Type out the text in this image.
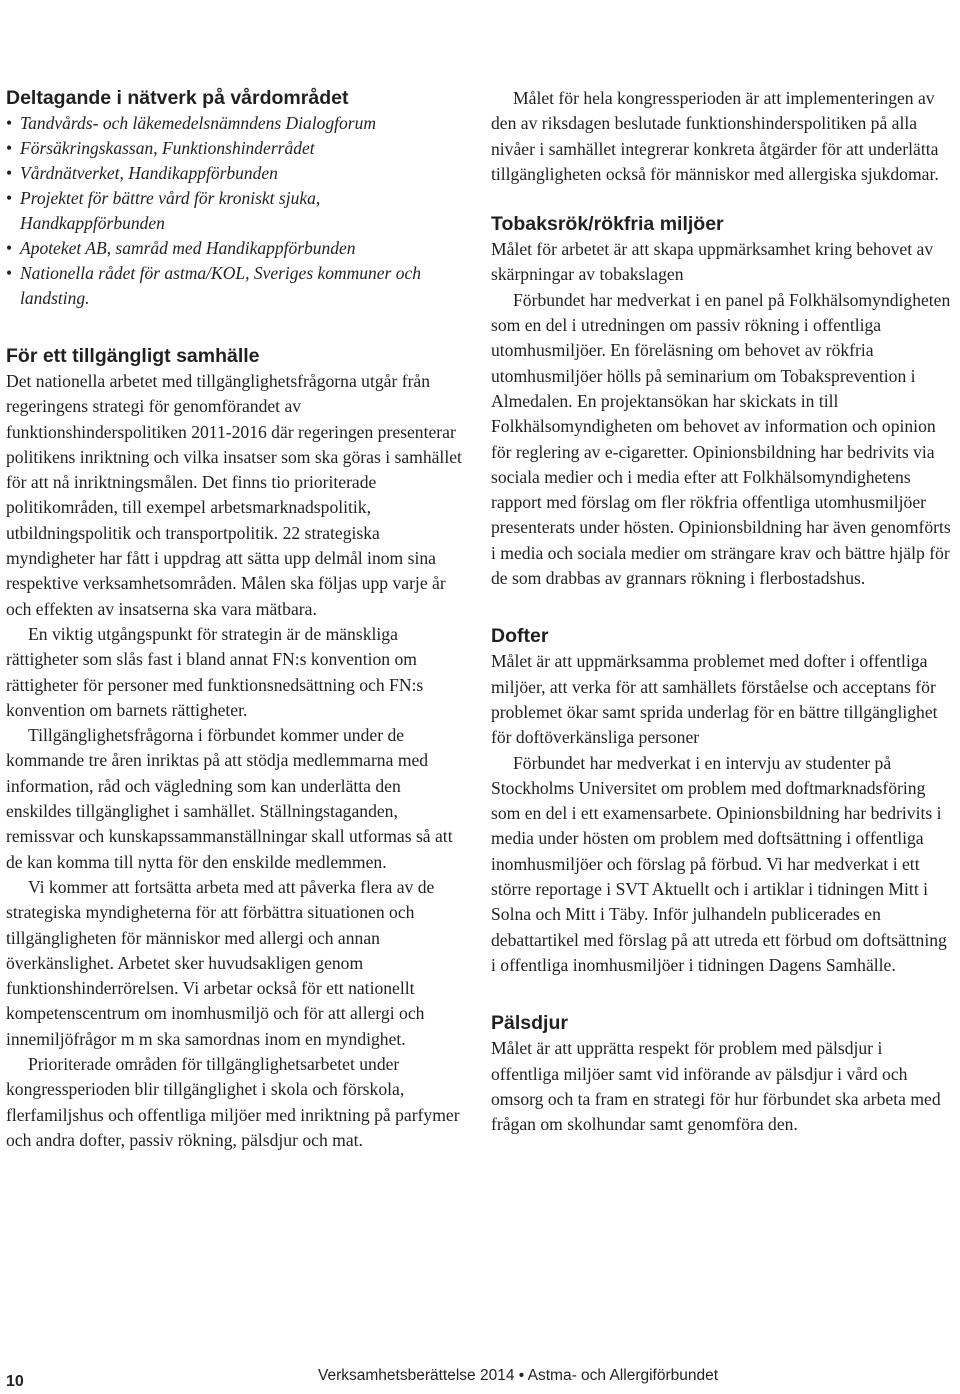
Deltagande i nätverk på vårdområdet
• Tandvårds- och läkemedelsnämndens Dialogforum
• Försäkringskassan, Funktionshinderrådet
• Vårdnätverket, Handikappförbunden
• Projektet för bättre vård för kroniskt sjuka, Handkappförbunden
• Apoteket AB, samråd med Handikappförbunden
• Nationella rådet för astma/KOL, Sveriges kommuner och landsting.
För ett tillgängligt samhälle

Det nationella arbetet med tillgänglighetsfrågorna utgår från regeringens strategi för genomförandet av funktionshinderspolitiken 2011-2016 där regeringen presenterar politikens inriktning och vilka insatser som ska göras i samhället för att nå inriktningsmålen. Det finns tio prioriterade politikområden, till exempel arbetsmarknadspolitik, utbildningspolitik och transportpolitik. 22 strategiska myndigheter har fått i uppdrag att sätta upp delmål inom sina respektive verksamhetsområden. Målen ska följas upp varje år och effekten av insatserna ska vara mätbara.

En viktig utgångspunkt för strategin är de mänskliga rättigheter som slås fast i bland annat FN:s konvention om rättigheter för personer med funktionsnedsättning och FN:s konvention om barnets rättigheter.

Tillgänglighetsfrågorna i förbundet kommer under de kommande tre åren inriktas på att stödja medlemmarna med information, råd och vägledning som kan underlätta den enskildes tillgänglighet i samhället. Ställningstaganden, remissvar och kunskapssammanställningar skall utformas så att de kan komma till nytta för den enskilde medlemmen.

Vi kommer att fortsätta arbeta med att påverka flera av de strategiska myndigheterna för att förbättra situationen och tillgängligheten för människor med allergi och annan överkänslighet. Arbetet sker huvudsakligen genom funktionshinderrörelsen. Vi arbetar också för ett nationellt kompetenscentrum om inomhusmiljö och för att allergi och innemiljöfrågor m m ska samordnas inom en myndighet.

Prioriterade områden för tillgänglighetsarbetet under kongressperioden blir tillgänglighet i skola och förskola, flerfamiljshus och offentliga miljöer med inriktning på parfymer och andra dofter, passiv rökning, pälsdjur och mat.

Målet för hela kongressperioden är att implementeringen av den av riksdagen beslutade funktionshinderspolitiken på alla nivåer i samhället integrerar konkreta åtgärder för att underlätta tillgängligheten också för människor med allergiska sjukdomar.

Tobaksrök/rökfria miljöer

Målet för arbetet är att skapa uppmärksamhet kring behovet av skärpningar av tobakslagen

Förbundet har medverkat i en panel på Folkhälsomyndigheten som en del i utredningen om passiv rökning i offentliga utomhusmiljöer. En föreläsning om behovet av rökfria utomhusmiljöer hölls på seminarium om Tobaksprevention i Almedalen. En projektansökan har skickats in till Folkhälsomyndigheten om behovet av information och opinion för reglering av e-cigaretter. Opinionsbildning har bedrivits via sociala medier och i media efter att Folkhälsomyndighetens rapport med förslag om fler rökfria offentliga utomhusmiljöer presenterats under hösten. Opinionsbildning har även genomförts i media och sociala medier om strängare krav och bättre hjälp för de som drabbas av grannars rökning i flerbostadshus.

Dofter

Målet är att uppmärksamma problemet med dofter i offentliga miljöer, att verka för att samhällets förståelse och acceptans för problemet ökar samt sprida underlag för en bättre tillgänglighet för doftöverkänsliga personer

Förbundet har medverkat i en intervju av studenter på Stockholms Universitet om problem med doftmarknadsföring som en del i ett examensarbete. Opinionsbildning har bedrivits i media under hösten om problem med doftsättning i offentliga inomhusmiljöer och förslag på förbud. Vi har medverkat i ett större reportage i SVT Aktuellt och i artiklar i tidningen Mitt i Solna och Mitt i Täby. Inför julhandeln publicerades en debattartikel med förslag på att utreda ett förbud om doftsättning i offentliga inomhusmiljöer i tidningen Dagens Samhälle.

Pälsdjur

Målet är att upprätta respekt för problem med pälsdjur i offentliga miljöer samt vid införande av pälsdjur i vård och omsorg och ta fram en strategi för hur förbundet ska arbeta med frågan om skolhundar samt genomföra den.

10	Verksamhetsberättelse 2014 • Astma- och Allergiförbundet
